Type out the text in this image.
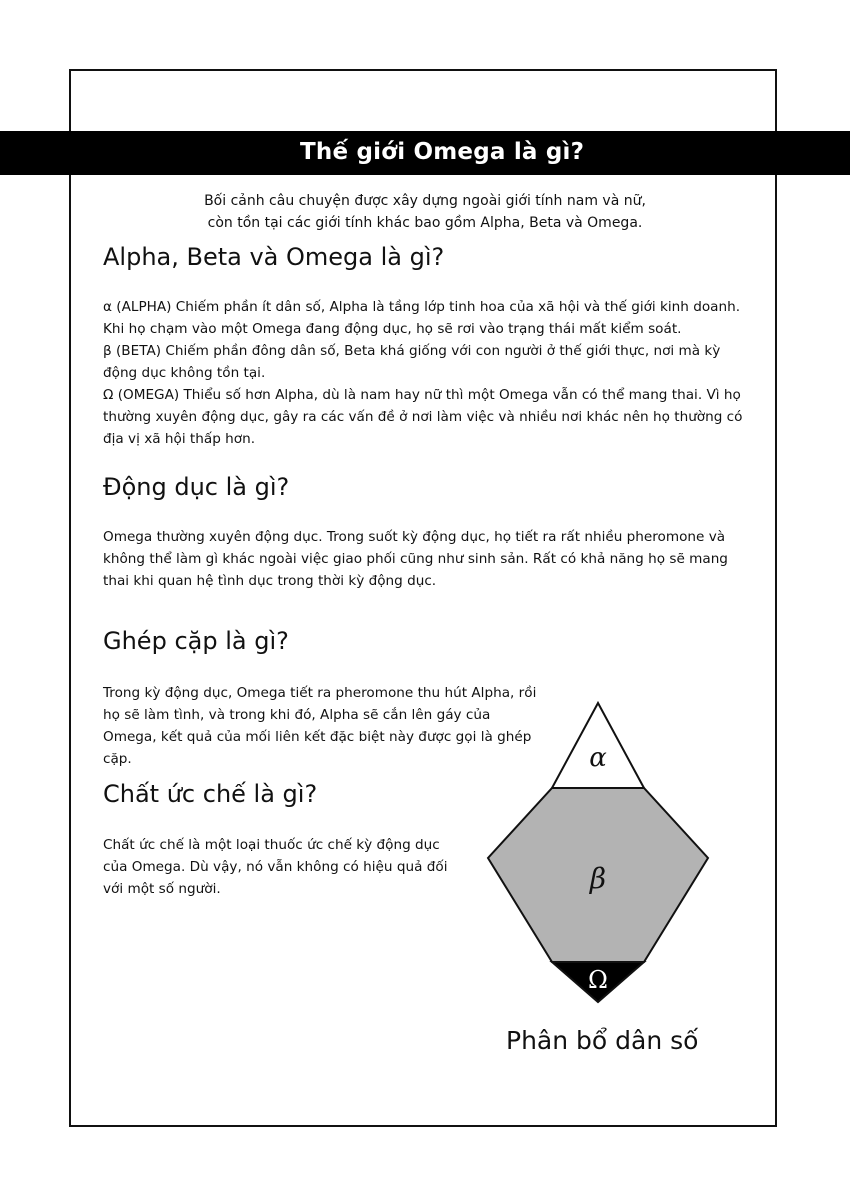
Thế giới Omega là gì?
Bối cảnh câu chuyện được xây dựng ngoài giới tính nam và nữ,
còn tồn tại các giới tính khác bao gồm Alpha, Beta và Omega.
Alpha, Beta và Omega là gì?

α (ALPHA) Chiếm phần ít dân số, Alpha là tầng lớp tinh hoa của xã hội và thế giới kinh doanh. Khi họ chạm vào một Omega đang động dục, họ sẽ rơi vào trạng thái mất kiểm soát.

β (BETA) Chiếm phần đông dân số, Beta khá giống với con người ở thế giới thực, nơi mà kỳ động dục không tồn tại.

Ω (OMEGA) Thiểu số hơn Alpha, dù là nam hay nữ thì một Omega vẫn có thể mang thai. Vì họ thường xuyên động dục, gây ra các vấn đề ở nơi làm việc và nhiều nơi khác nên họ thường có địa vị xã hội thấp hơn.

Động dục là gì?

Omega thường xuyên động dục. Trong suốt kỳ động dục, họ tiết ra rất nhiều pheromone và không thể làm gì khác ngoài việc giao phối cũng như sinh sản. Rất có khả năng họ sẽ mang thai khi quan hệ tình dục trong thời kỳ động dục.

Ghép cặp là gì?

Trong kỳ động dục, Omega tiết ra pheromone thu hút Alpha, rồi họ sẽ làm tình, và trong khi đó, Alpha sẽ cắn lên gáy của Omega, kết quả của mối liên kết đặc biệt này được gọi là ghép cặp.

Chất ức chế là gì?

Chất ức chế là một loại thuốc ức chế kỳ động dục của Omega. Dù vậy, nó vẫn không có hiệu quả đối với một số người.

α
β
Ω
Phân bổ dân số
